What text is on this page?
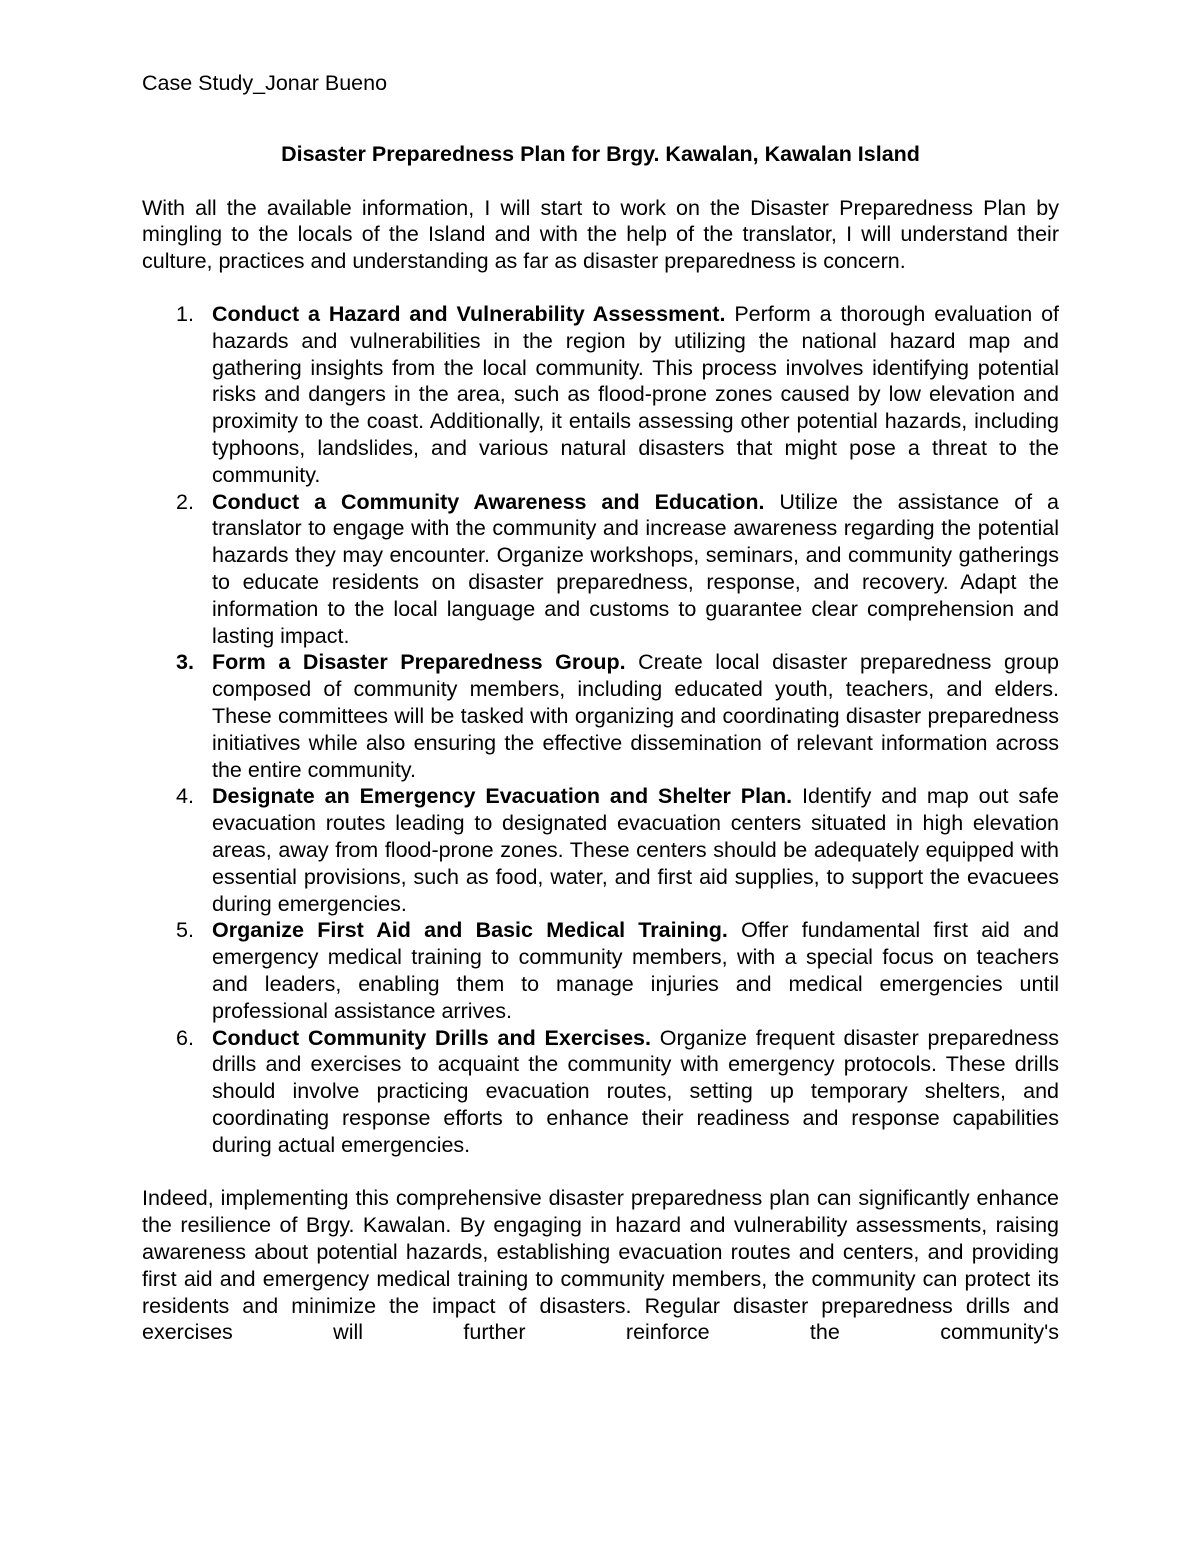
Case Study_Jonar Bueno

Disaster Preparedness Plan for Brgy. Kawalan, Kawalan Island

With all the available information, I will start to work on the Disaster Preparedness Plan by mingling to the locals of the Island and with the help of the translator, I will understand their culture, practices and understanding as far as disaster preparedness is concern.

1. Conduct a Hazard and Vulnerability Assessment. Perform a thorough evaluation of hazards and vulnerabilities in the region by utilizing the national hazard map and gathering insights from the local community. This process involves identifying potential risks and dangers in the area, such as flood-prone zones caused by low elevation and proximity to the coast. Additionally, it entails assessing other potential hazards, including typhoons, landslides, and various natural disasters that might pose a threat to the community.
2. Conduct a Community Awareness and Education. Utilize the assistance of a translator to engage with the community and increase awareness regarding the potential hazards they may encounter. Organize workshops, seminars, and community gatherings to educate residents on disaster preparedness, response, and recovery. Adapt the information to the local language and customs to guarantee clear comprehension and lasting impact.
3. Form a Disaster Preparedness Group. Create local disaster preparedness group composed of community members, including educated youth, teachers, and elders. These committees will be tasked with organizing and coordinating disaster preparedness initiatives while also ensuring the effective dissemination of relevant information across the entire community.
4. Designate an Emergency Evacuation and Shelter Plan. Identify and map out safe evacuation routes leading to designated evacuation centers situated in high elevation areas, away from flood-prone zones. These centers should be adequately equipped with essential provisions, such as food, water, and first aid supplies, to support the evacuees during emergencies.
5. Organize First Aid and Basic Medical Training. Offer fundamental first aid and emergency medical training to community members, with a special focus on teachers and leaders, enabling them to manage injuries and medical emergencies until professional assistance arrives.
6. Conduct Community Drills and Exercises. Organize frequent disaster preparedness drills and exercises to acquaint the community with emergency protocols. These drills should involve practicing evacuation routes, setting up temporary shelters, and coordinating response efforts to enhance their readiness and response capabilities during actual emergencies.

Indeed, implementing this comprehensive disaster preparedness plan can significantly enhance the resilience of Brgy. Kawalan. By engaging in hazard and vulnerability assessments, raising awareness about potential hazards, establishing evacuation routes and centers, and providing first aid and emergency medical training to community members, the community can protect its residents and minimize the impact of disasters. Regular disaster preparedness drills and exercises will further reinforce the community's
